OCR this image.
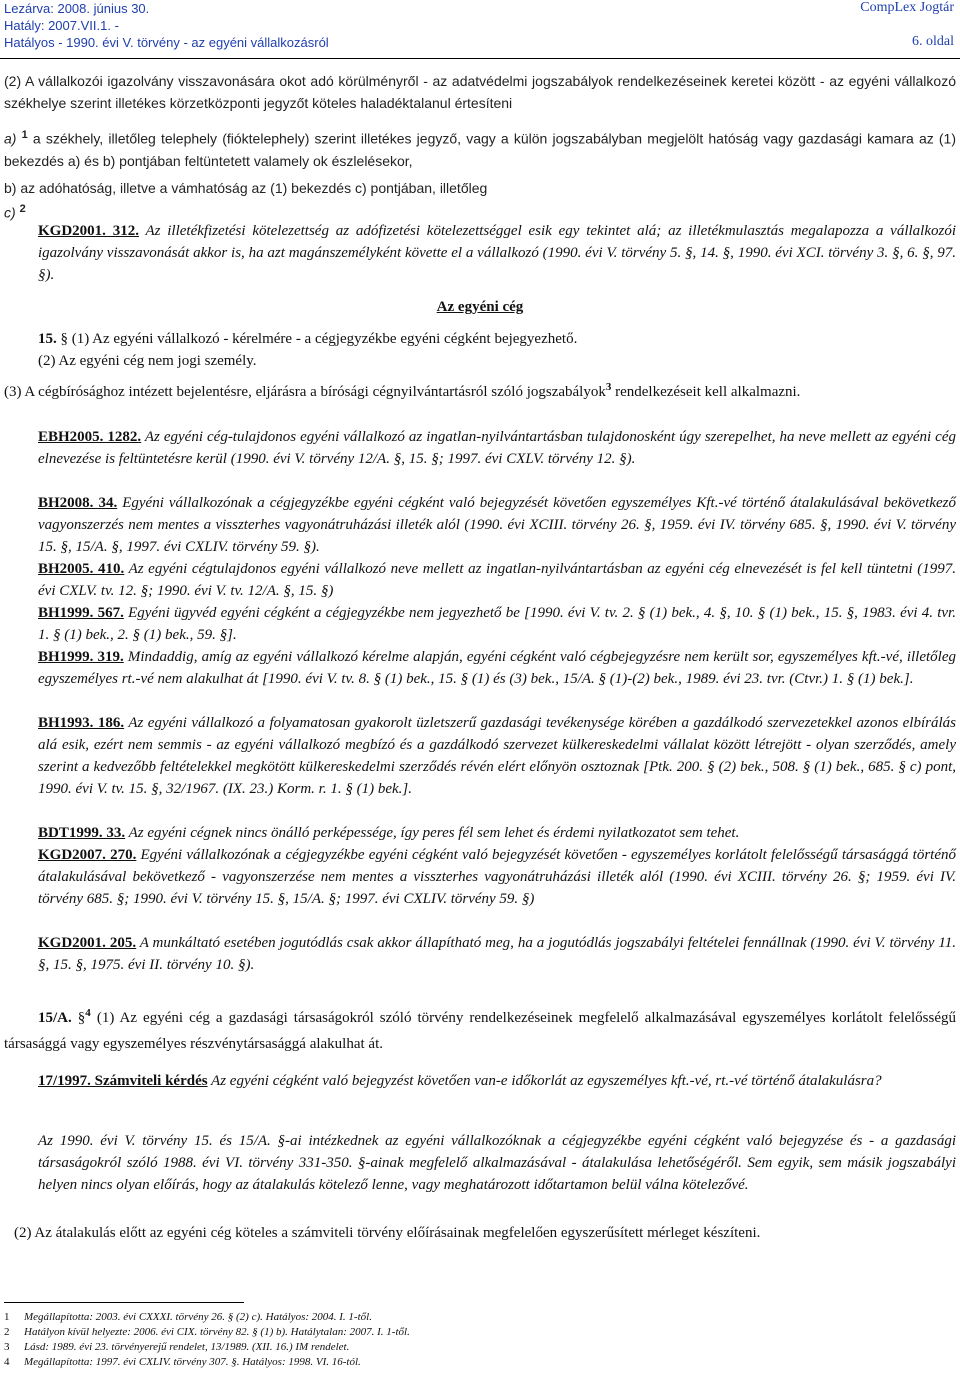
Lezárva: 2008. június 30.
Hatály: 2007.VII.1. -
Hatályos - 1990. évi V. törvény - az egyéni vállalkozásról
CompLex Jogtár
6. oldal

(2) A vállalkozói igazolvány visszavonására okot adó körülményről - az adatvédelmi jogszabályok rendelkezéseinek keretei között - az egyéni vállalkozó székhelye szerint illetékes körzetközponti jegyzőt köteles haladéktalanul értesíteni

a) $^1$ a székhely, illetőleg telephely (fióktelephely) szerint illetékes jegyző, vagy a külön jogszabályban megjelölt hatóság vagy gazdasági kamara az (1) bekezdés a) és b) pontjában feltüntetett valamely ok észlelésekor,

b) az adóhatóság, illetve a vámhatóság az (1) bekezdés c) pontjában, illetőleg

c) $^2$

KGD2001. 312. Az illetékfizetési kötelezettség az adófizetési kötelezettséggel esik egy tekintet alá; az illetékmulasztás megalapozza a vállalkozói igazolvány visszavonását akkor is, ha azt magánszemélyként követte el a vállalkozó (1990. évi V. törvény 5. §, 14. §, 1990. évi XCI. törvény 3. §, 6. §, 97. §).

Az egyéni cég

15. § (1) Az egyéni vállalkozó - kérelmére - a cégjegyzékbe egyéni cégként bejegyezhető.

(2) Az egyéni cég nem jogi személy.

(3) A cégbírósághoz intézett bejelentésre, eljárásra a bírósági cégnyilvántartásról szóló jogszabályok$^3$ rendelkezéseit kell alkalmazni.

EBH2005. 1282. Az egyéni cég-tulajdonos egyéni vállalkozó az ingatlan-nyilvántartásban tulajdonosként úgy szerepelhet, ha neve mellett az egyéni cég elnevezése is feltüntetésre kerül (1990. évi V. törvény 12/A. §, 15. §; 1997. évi CXLV. törvény 12. §).

BH2008. 34. Egyéni vállalkozónak a cégjegyzékbe egyéni cégként való bejegyzését követően egyszemélyes Kft.-vé történő átalakulásával bekövetkező vagyonszerzés nem mentes a visszterhes vagyonátruházási illeték alól (1990. évi XCIII. törvény 26. §, 1959. évi IV. törvény 685. §, 1990. évi V. törvény 15. §, 15/A. §, 1997. évi CXLIV. törvény 59. §).

BH2005. 410. Az egyéni cégtulajdonos egyéni vállalkozó neve mellett az ingatlan-nyilvántartásban az egyéni cég elnevezését is fel kell tüntetni (1997. évi CXLV. tv. 12. §; 1990. évi V. tv. 12/A. §, 15. §)

BH1999. 567. Egyéni ügyvéd egyéni cégként a cégjegyzékbe nem jegyezhető be [1990. évi V. tv. 2. § (1) bek., 4. §, 10. § (1) bek., 15. §, 1983. évi 4. tvr. 1. § (1) bek., 2. § (1) bek., 59. §].

BH1999. 319. Mindaddig, amíg az egyéni vállalkozó kérelme alapján, egyéni cégként való cégbejegyzésre nem került sor, egyszemélyes kft.-vé, illetőleg egyszemélyes rt.-vé nem alakulhat át [1990. évi V. tv. 8. § (1) bek., 15. § (1) és (3) bek., 15/A. § (1)-(2) bek., 1989. évi 23. tvr. (Ctvr.) 1. § (1) bek.].

BH1993. 186. Az egyéni vállalkozó a folyamatosan gyakorolt üzletszerű gazdasági tevékenysége körében a gazdálkodó szervezetekkel azonos elbírálás alá esik, ezért nem semmis - az egyéni vállalkozó megbízó és a gazdálkodó szervezet külkereskedelmi vállalat között létrejött - olyan szerződés, amely szerint a kedvezőbb feltételekkel megkötött külkereskedelmi szerződés révén elért előnyön osztoznak [Ptk. 200. § (2) bek., 508. § (1) bek., 685. § c) pont, 1990. évi V. tv. 15. §, 32/1967. (IX. 23.) Korm. r. 1. § (1) bek.].

BDT1999. 33. Az egyéni cégnek nincs önálló perképessége, így peres fél sem lehet és érdemi nyilatkozatot sem tehet.

KGD2007. 270. Egyéni vállalkozónak a cégjegyzékbe egyéni cégként való bejegyzését követően - egyszemélyes korlátolt felelősségű társasággá történő átalakulásával bekövetkező - vagyonszerzése nem mentes a visszterhes vagyonátruházási illeték alól (1990. évi XCIII. törvény 26. §; 1959. évi IV. törvény 685. §; 1990. évi V. törvény 15. §, 15/A. §; 1997. évi CXLIV. törvény 59. §)

KGD2001. 205. A munkáltató esetében jogutódlás csak akkor állapítható meg, ha a jogutódlás jogszabályi feltételei fennállnak (1990. évi V. törvény 11. §, 15. §, 1975. évi II. törvény 10. §).

15/A. §$^4$ (1) Az egyéni cég a gazdasági társaságokról szóló törvény rendelkezéseinek megfelelő alkalmazásával egyszemélyes korlátolt felelősségű társasággá vagy egyszemélyes részvénytársasággá alakulhat át.

17/1997. Számviteli kérdés Az egyéni cégként való bejegyzést követően van-e időkorlát az egyszemélyes kft.-vé, rt.-vé történő átalakulásra?

Az 1990. évi V. törvény 15. és 15/A. §-ai intézkednek az egyéni vállalkozóknak a cégjegyzékbe egyéni cégként való bejegyzése és - a gazdasági társaságokról szóló 1988. évi VI. törvény 331-350. §-ainak megfelelő alkalmazásával - átalakulása lehetőségéről. Sem egyik, sem másik jogszabályi helyen nincs olyan előírás, hogy az átalakulás kötelező lenne, vagy meghatározott időtartamon belül válna kötelezővé.

(2) Az átalakulás előtt az egyéni cég köteles a számviteli törvény előírásainak megfelelően egyszerűsített mérleget készíteni.

1 Megállapította: 2003. évi CXXXI. törvény 26. § (2) c). Hatályos: 2004. I. 1-től.
2 Hatályon kívül helyezte: 2006. évi CIX. törvény 82. § (1) b). Hatálytalan: 2007. I. 1-től.
3 Lásd: 1989. évi 23. törvényerejű rendelet, 13/1989. (XII. 16.) IM rendelet.
4 Megállapította: 1997. évi CXLIV. törvény 307. §. Hatályos: 1998. VI. 16-tól.
